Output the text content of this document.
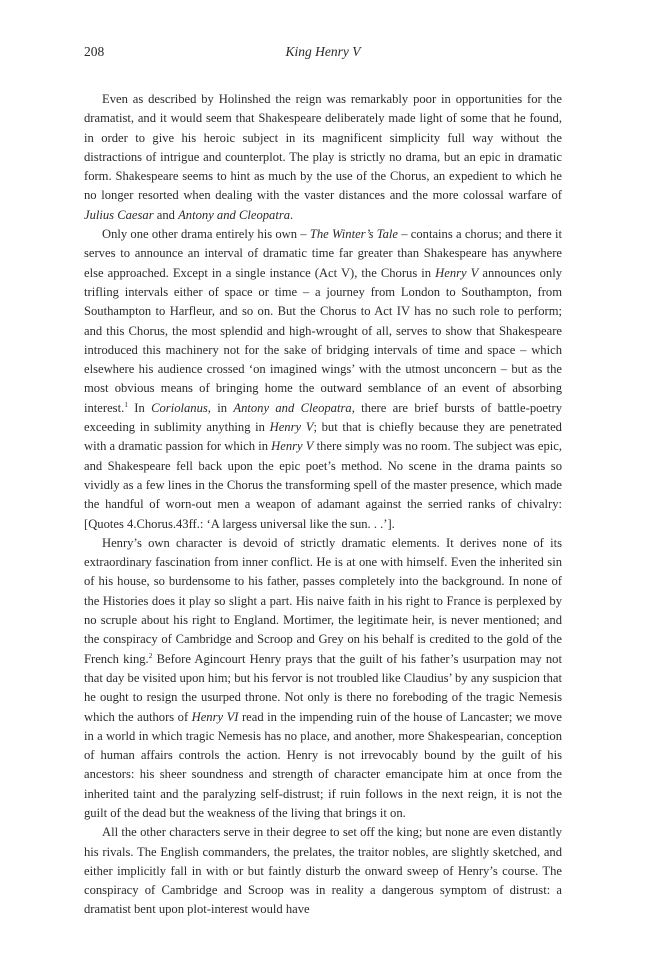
208	King Henry V

Even as described by Holinshed the reign was remarkably poor in opportunities for the dramatist, and it would seem that Shakespeare deliberately made light of some that he found, in order to give his heroic subject in its magnificent simplicity full way without the distractions of intrigue and counterplot. The play is strictly no drama, but an epic in dramatic form. Shakespeare seems to hint as much by the use of the Chorus, an expedient to which he no longer resorted when dealing with the vaster distances and the more colossal warfare of Julius Caesar and Antony and Cleopatra.

Only one other drama entirely his own – The Winter’s Tale – contains a chorus; and there it serves to announce an interval of dramatic time far greater than Shakespeare has anywhere else approached. Except in a single instance (Act V), the Chorus in Henry V announces only trifling intervals either of space or time – a journey from London to Southampton, from Southampton to Harfleur, and so on. But the Chorus to Act IV has no such role to perform; and this Chorus, the most splendid and high-wrought of all, serves to show that Shakespeare introduced this machinery not for the sake of bridging intervals of time and space – which elsewhere his audience crossed ‘on imagined wings’ with the utmost unconcern – but as the most obvious means of bringing home the outward semblance of an event of absorbing interest.$^1$ In Coriolanus, in Antony and Cleopatra, there are brief bursts of battle-poetry exceeding in sublimity anything in Henry V; but that is chiefly because they are penetrated with a dramatic passion for which in Henry V there simply was no room. The subject was epic, and Shakespeare fell back upon the epic poet’s method. No scene in the drama paints so vividly as a few lines in the Chorus the transforming spell of the master presence, which made the handful of worn-out men a weapon of adamant against the serried ranks of chivalry: [Quotes 4.Chorus.43ff.: ‘A largess universal like the sun. . .’].

Henry’s own character is devoid of strictly dramatic elements. It derives none of its extraordinary fascination from inner conflict. He is at one with himself. Even the inherited sin of his house, so burdensome to his father, passes completely into the background. In none of the Histories does it play so slight a part. His naive faith in his right to France is perplexed by no scruple about his right to England. Mortimer, the legitimate heir, is never mentioned; and the conspiracy of Cambridge and Scroop and Grey on his behalf is credited to the gold of the French king.$^2$ Before Agincourt Henry prays that the guilt of his father’s usurpation may not that day be visited upon him; but his fervor is not troubled like Claudius’ by any suspicion that he ought to resign the usurped throne. Not only is there no foreboding of the tragic Nemesis which the authors of Henry VI read in the impending ruin of the house of Lancaster; we move in a world in which tragic Nemesis has no place, and another, more Shakespearian, conception of human affairs controls the action. Henry is not irrevocably bound by the guilt of his ancestors: his sheer soundness and strength of character emancipate him at once from the inherited taint and the paralyzing self-distrust; if ruin follows in the next reign, it is not the guilt of the dead but the weakness of the living that brings it on.

All the other characters serve in their degree to set off the king; but none are even distantly his rivals. The English commanders, the prelates, the traitor nobles, are slightly sketched, and either implicitly fall in with or but faintly disturb the onward sweep of Henry’s course. The conspiracy of Cambridge and Scroop was in reality a dangerous symptom of distrust: a dramatist bent upon plot-interest would have
